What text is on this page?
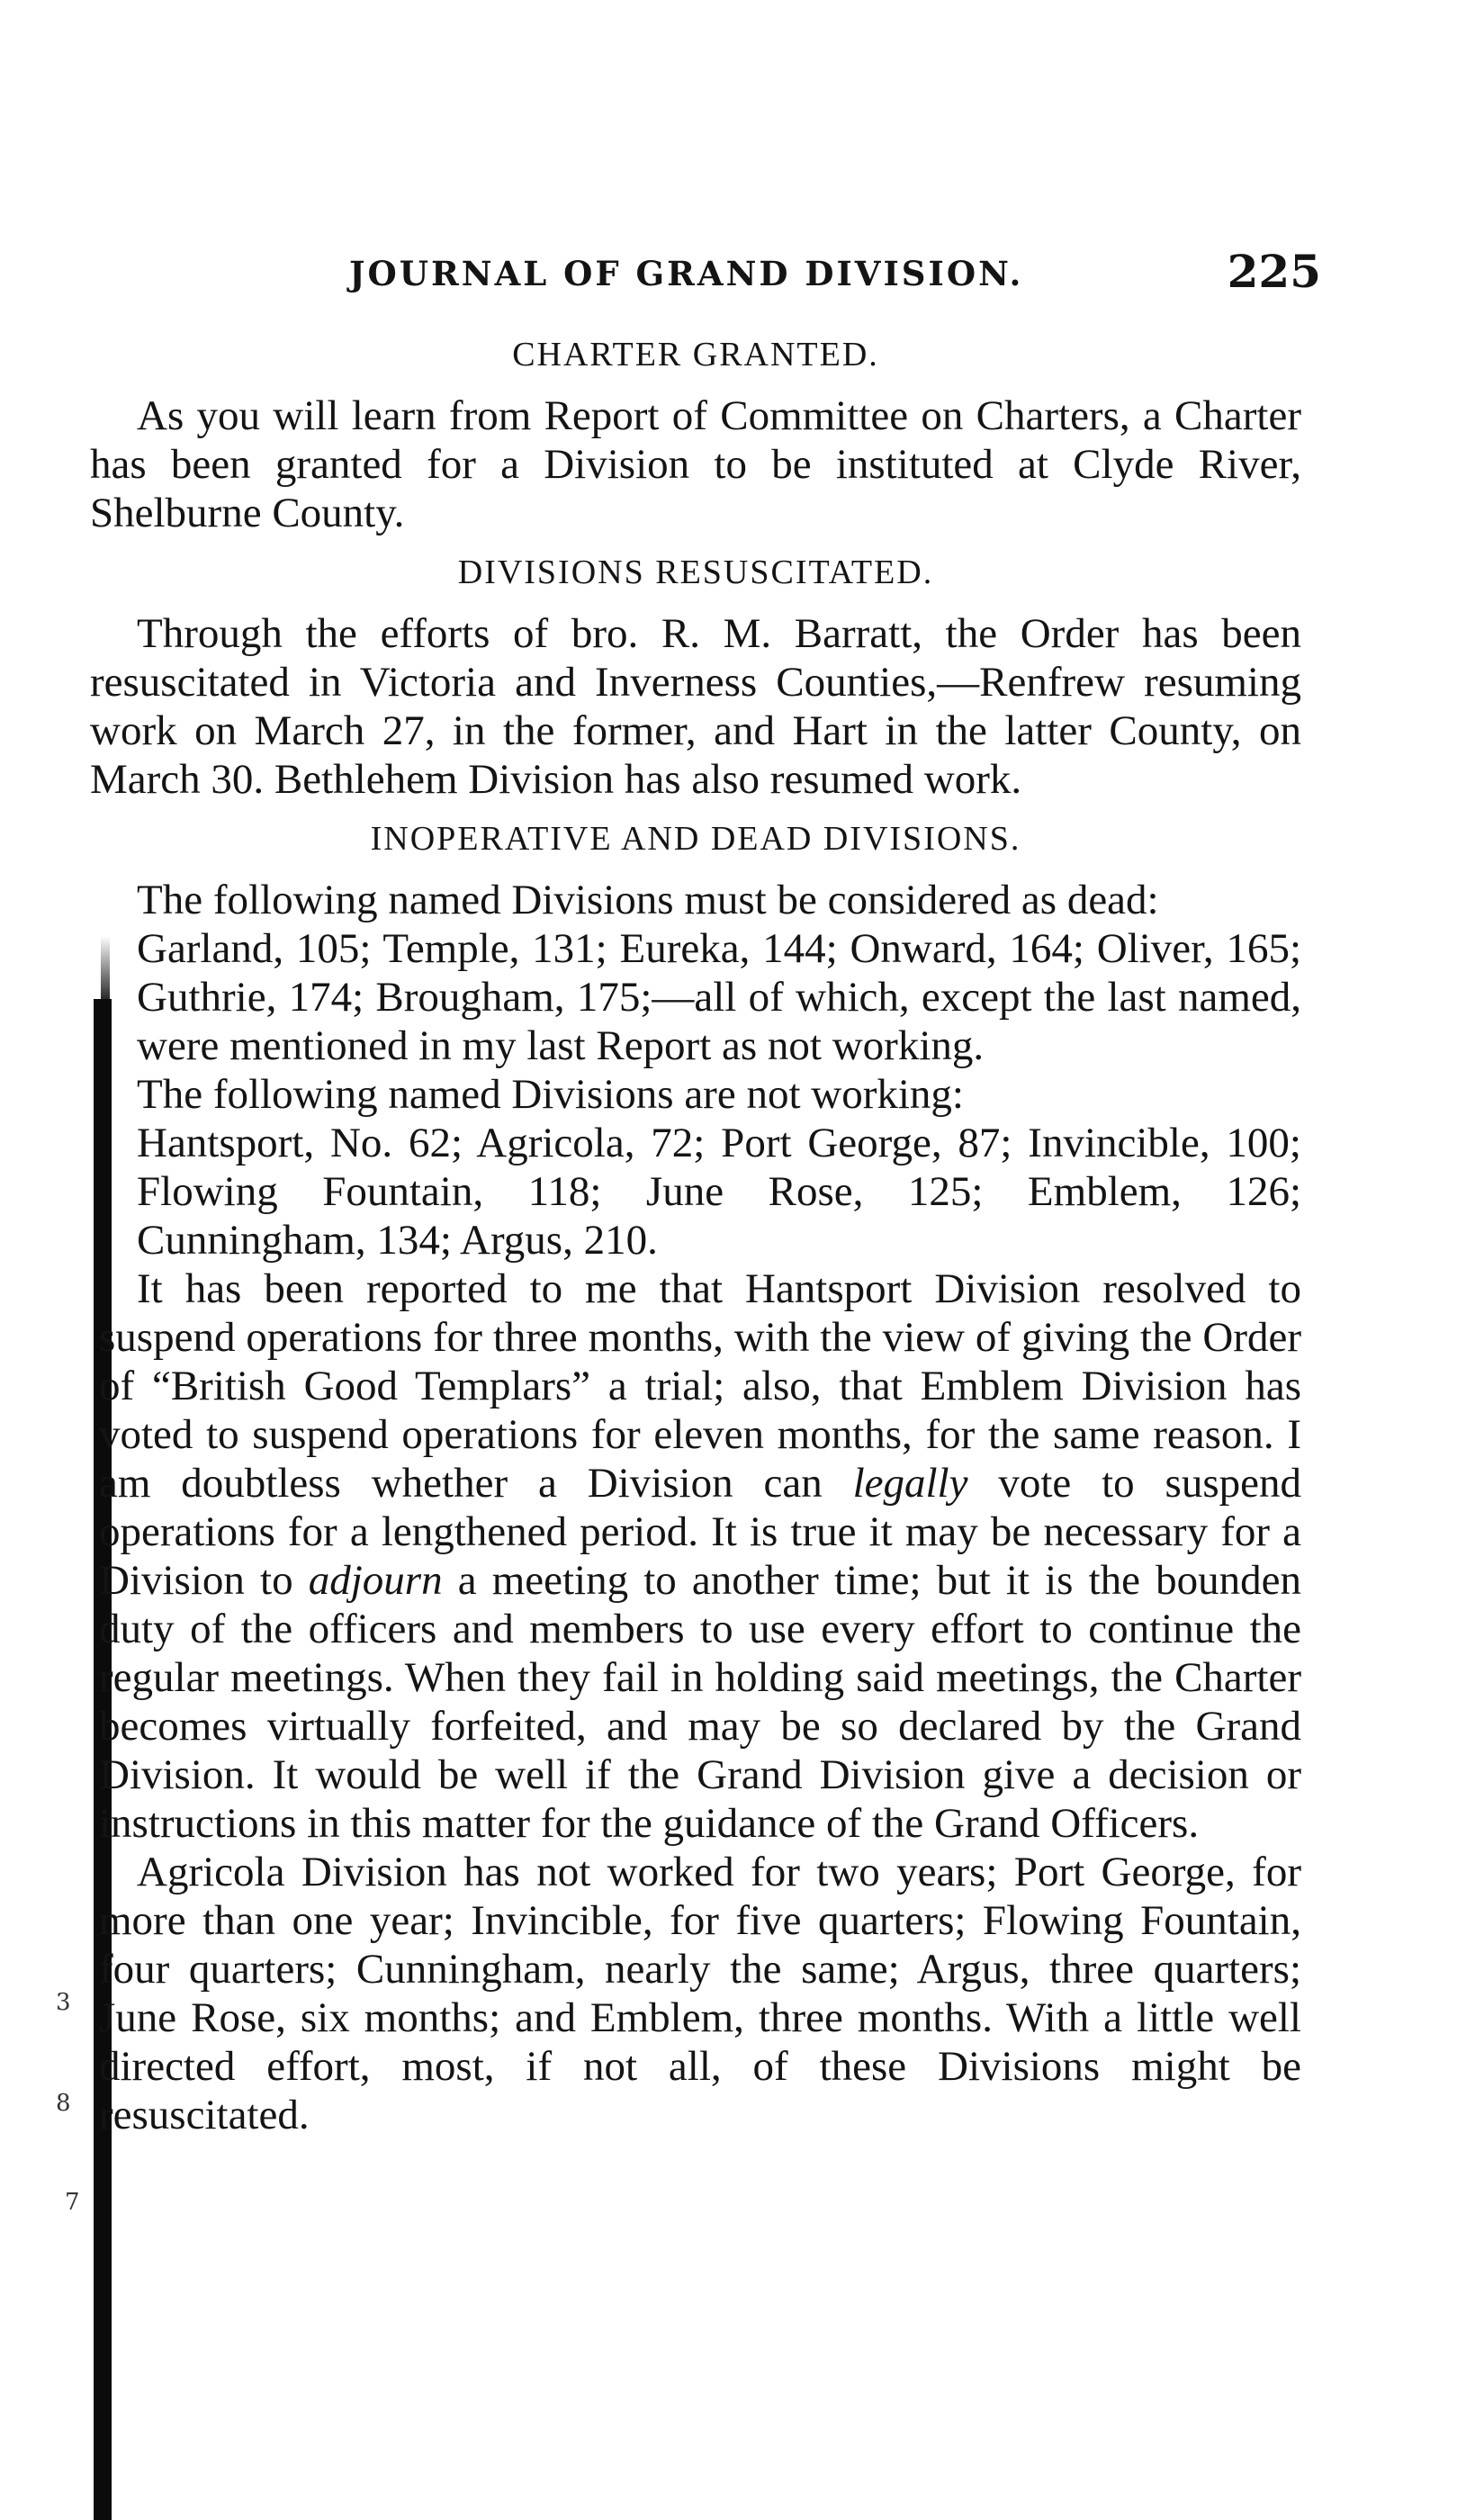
3
8
7
JOURNAL OF GRAND DIVISION.	225
CHARTER GRANTED.

As you will learn from Report of Committee on Charters, a Charter has been granted for a Division to be instituted at Clyde River, Shelburne County.

DIVISIONS RESUSCITATED.

Through the efforts of bro. R. M. Barratt, the Order has been resuscitated in Victoria and Inverness Counties,—Renfrew resuming work on March 27, in the former, and Hart in the latter County, on March 30. Bethlehem Division has also resumed work.

INOPERATIVE AND DEAD DIVISIONS.

The following named Divisions must be considered as dead:

Garland, 105; Temple, 131; Eureka, 144; Onward, 164; Oliver, 165; Guthrie, 174; Brougham, 175;—all of which, except the last named, were mentioned in my last Report as not working.

The following named Divisions are not working:

Hantsport, No. 62; Agricola, 72; Port George, 87; Invincible, 100; Flowing Fountain, 118; June Rose, 125; Emblem, 126; Cunningham, 134; Argus, 210.

It has been reported to me that Hantsport Division resolved to suspend operations for three months, with the view of giving the Order of “British Good Templars” a trial; also, that Emblem Division has voted to suspend operations for eleven months, for the same reason. I am doubtless whether a Division can legally vote to suspend operations for a lengthened period. It is true it may be necessary for a Division to adjourn a meeting to another time; but it is the bounden duty of the officers and members to use every effort to continue the regular meetings. When they fail in holding said meetings, the Charter becomes virtually forfeited, and may be so declared by the Grand Division. It would be well if the Grand Division give a decision or instructions in this matter for the guidance of the Grand Officers.

Agricola Division has not worked for two years; Port George, for more than one year; Invincible, for five quarters; Flowing Fountain, four quarters; Cunningham, nearly the same; Argus, three quarters; June Rose, six months; and Emblem, three months. With a little well directed effort, most, if not all, of these Divisions might be resuscitated.
